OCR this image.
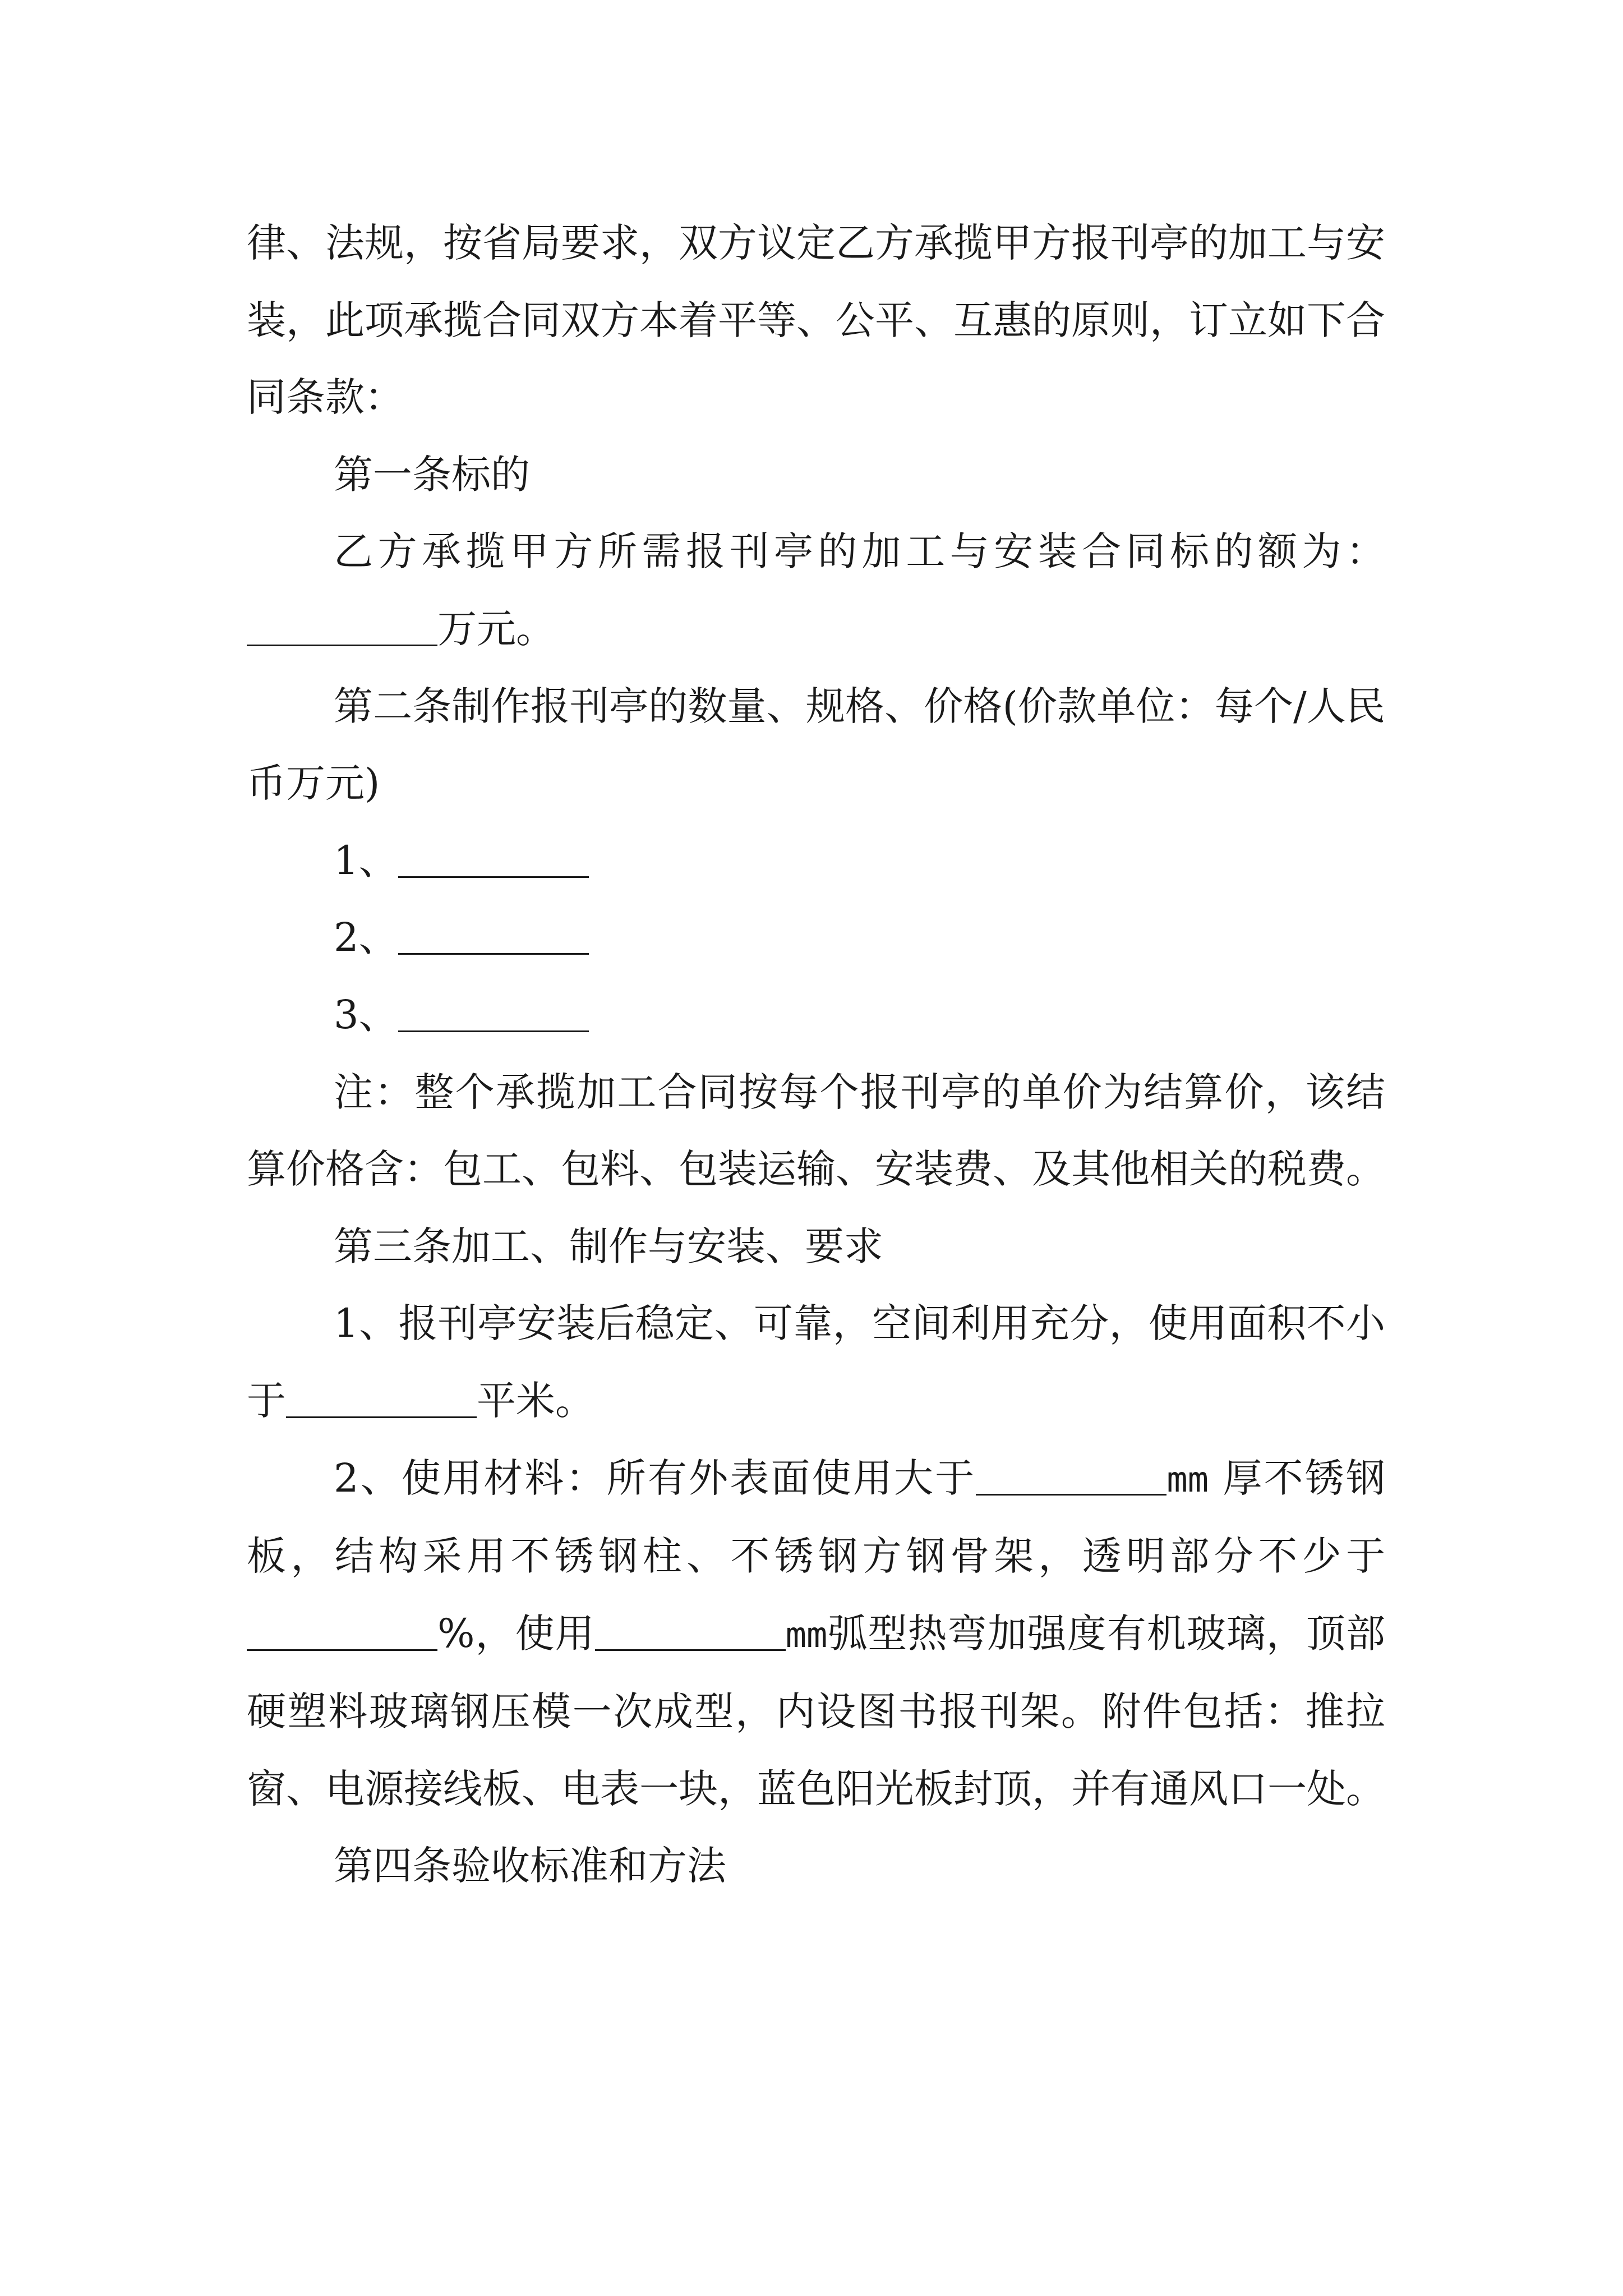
律、法规，按省局要求，双方议定乙方承揽甲方报刊亭的加工与安装，此项承揽合同双方本着平等、公平、互惠的原则，订立如下合同条款：

第一条标的

乙方承揽甲方所需报刊亭的加工与安装合同标的额为：万元。

第二条制作报刊亭的数量、规格、价格(价款单位：每个/人民币万元)

1、

2、

3、

注：整个承揽加工合同按每个报刊亭的单价为结算价，该结算价格含：包工、包料、包装运输、安装费、及其他相关的税费。

第三条加工、制作与安装、要求

1、报刊亭安装后稳定、可靠，空间利用充分，使用面积不小于	平米。

2、使用材料：所有外表面使用大于	mm 厚不锈钢板，结构采用不锈钢柱、不锈钢方钢骨架，透明部分不少于%，使用	mm弧型热弯加强度有机玻璃，顶部硬塑料玻璃钢压模一次成型，内设图书报刊架。附件包括：推拉窗、电源接线板、电表一块，蓝色阳光板封顶，并有通风口一处。

第四条验收标准和方法
